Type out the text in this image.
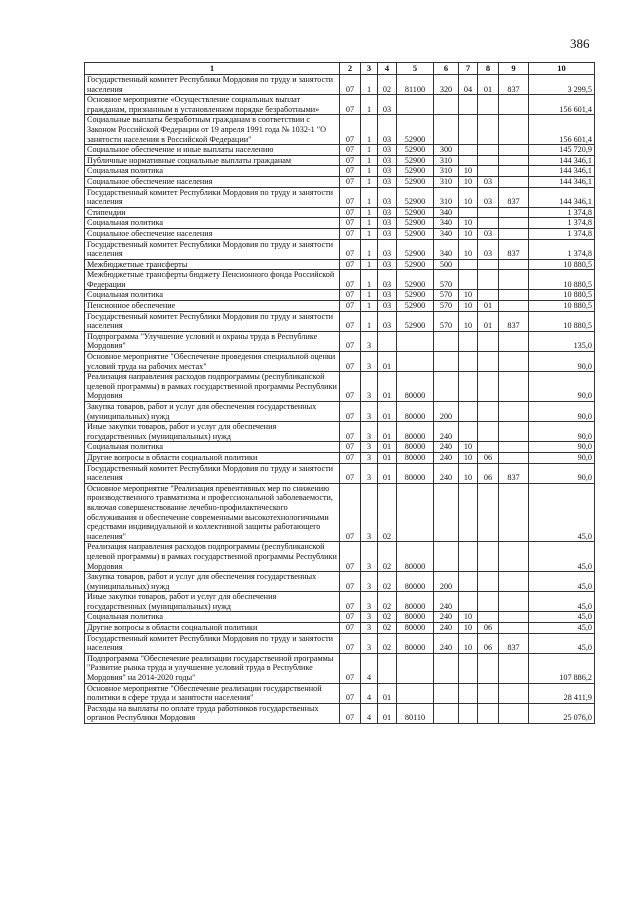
386
1	2	3	4	5	6	7	8	9	10
Государственный комитет Республики Мордовия по труду и занятости населения	07	1	02	81100	320	04	01	837	3 299,5
Основное мероприятие «Осуществление социальных выплат гражданам, признанным в установленном порядке безработными»	07	1	03						156 601,4
Социальные выплаты безработным гражданам в соответствии с Законом Российской Федерации от 19 апреля 1991 года № 1032-1 "О занятости населения в Российской Федерации"	07	1	03	52900					156 601,4
Социальное обеспечение и иные выплаты населению	07	1	03	52900	300				145 720,9
Публичные нормативные социальные выплаты гражданам	07	1	03	52900	310				144 346,1
Социальная политика	07	1	03	52900	310	10			144 346,1
Социальное обеспечение населения	07	1	03	52900	310	10	03		144 346,1
Государственный комитет Республики Мордовия по труду и занятости населения	07	1	03	52900	310	10	03	837	144 346,1
Стипендии	07	1	03	52900	340				1 374,8
Социальная политика	07	1	03	52900	340	10			1 374,8
Социальное обеспечение населения	07	1	03	52900	340	10	03		1 374,8
Государственный комитет Республики Мордовия по труду и занятости населения	07	1	03	52900	340	10	03	837	1 374,8
Межбюджетные трансферты	07	1	03	52900	500				10 880,5
Межбюджетные трансферты бюджету Пенсионного фонда Российской Федерации	07	1	03	52900	570				10 880,5
Социальная политика	07	1	03	52900	570	10			10 880,5
Пенсионное обеспечение	07	1	03	52900	570	10	01		10 880,5
Государственный комитет Республики Мордовия по труду и занятости населения	07	1	03	52900	570	10	01	837	10 880,5
Подпрограмма "Улучшение условий и охраны труда в Республике Мордовия"	07	3							135,0
Основное мероприятие "Обеспечение проведения специальной оценки условий труда на рабочих местах"	07	3	01						90,0
Реализация направления расходов подпрограммы (республиканской целевой программы) в рамках государственной программы Республики Мордовия	07	3	01	80000					90,0
Закупка товаров, работ и услуг для обеспечения государственных (муниципальных) нужд	07	3	01	80000	200				90,0
Иные закупки товаров, работ и услуг для обеспечения государственных (муниципальных) нужд	07	3	01	80000	240				90,0
Социальная политика	07	3	01	80000	240	10			90,0
Другие вопросы в области социальной политики	07	3	01	80000	240	10	06		90,0
Государственный комитет Республики Мордовия по труду и занятости населения	07	3	01	80000	240	10	06	837	90,0
Основное мероприятие "Реализация превентивных мер по снижению производственного травматизма и профессиональной заболеваемости, включая совершенствование лечебно-профилактического обслуживания и обеспечение современными высокотехнологичными средствами индивидуальной и коллективной защиты работающего населения"	07	3	02						45,0
Реализация направления расходов подпрограммы (республиканской целевой программы) в рамках государственной программы Республики Мордовия	07	3	02	80000					45,0
Закупка товаров, работ и услуг для обеспечения государственных (муниципальных) нужд	07	3	02	80000	200				45,0
Иные закупки товаров, работ и услуг для обеспечения государственных (муниципальных) нужд	07	3	02	80000	240				45,0
Социальная политика	07	3	02	80000	240	10			45,0
Другие вопросы в области социальной политики	07	3	02	80000	240	10	06		45,0
Государственный комитет Республики Мордовия по труду и занятости населения	07	3	02	80000	240	10	06	837	45,0
Подпрограмма "Обеспечение реализации государственной программы "Развитие рынка труда и улучшение условий труда в Республике Мордовия" на 2014-2020 годы"	07	4							107 886,2
Основное мероприятие "Обеспечение реализации государственной политики в сфере труда и занятости населения"	07	4	01						28 411,9
Расходы на выплаты по оплате труда работников государственных органов Республики Мордовия	07	4	01	80110					25 076,0
